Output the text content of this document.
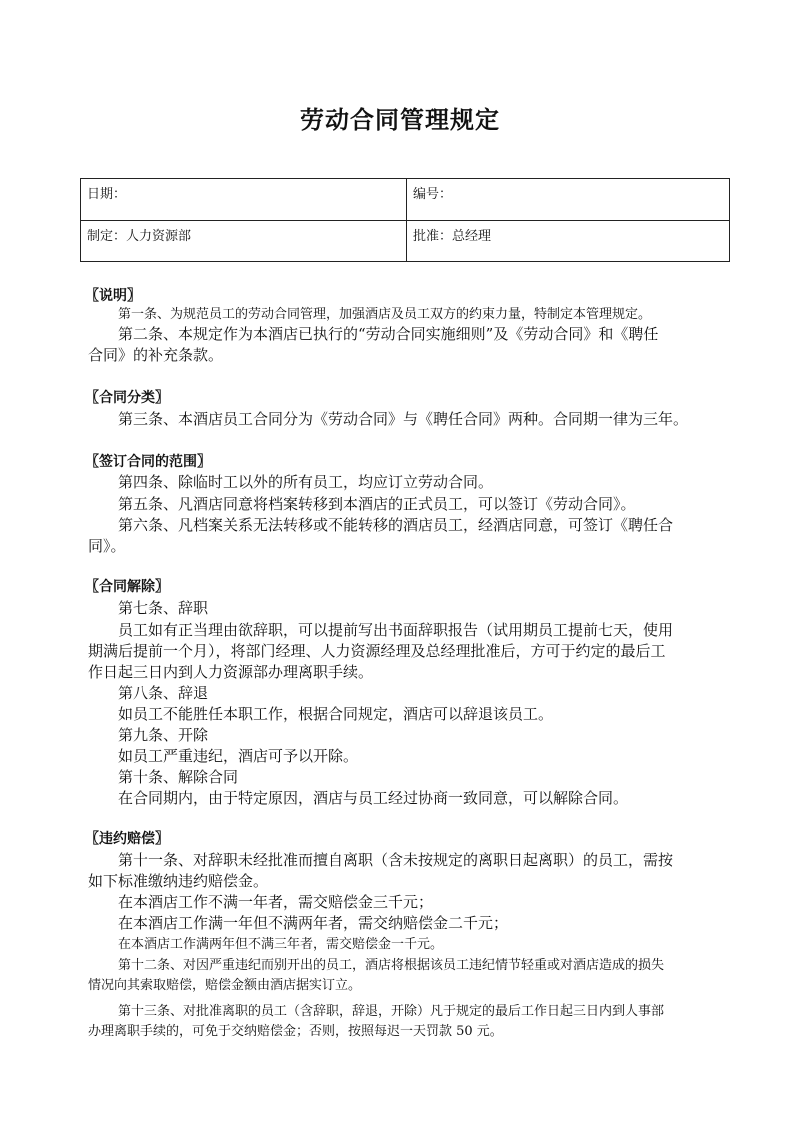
劳动合同管理规定
日期：	编号：
制定：人力资源部	批准：总经理
〖说明〗
第一条、为规范员工的劳动合同管理，加强酒店及员工双方的约束力量，特制定本管理规定。
第二条、本规定作为本酒店已执行的“劳动合同实施细则”及《劳动合同》和《聘任
合同》的补充条款。
〖合同分类〗
第三条、本酒店员工合同分为《劳动合同》与《聘任合同》两种。合同期一律为三年。
〖签订合同的范围〗
第四条、除临时工以外的所有员工，均应订立劳动合同。
第五条、凡酒店同意将档案转移到本酒店的正式员工，可以签订《劳动合同》。
第六条、凡档案关系无法转移或不能转移的酒店员工，经酒店同意，可签订《聘任合
同》。
〖合同解除〗
第七条、辞职
员工如有正当理由欲辞职，可以提前写出书面辞职报告（试用期员工提前七天，使用
期满后提前一个月），将部门经理、人力资源经理及总经理批准后，方可于约定的最后工
作日起三日内到人力资源部办理离职手续。
第八条、辞退
如员工不能胜任本职工作，根据合同规定，酒店可以辞退该员工。
第九条、开除
如员工严重违纪，酒店可予以开除。
第十条、解除合同
在合同期内，由于特定原因，酒店与员工经过协商一致同意，可以解除合同。
〖违约赔偿〗
第十一条、对辞职未经批准而擅自离职（含未按规定的离职日起离职）的员工，需按
如下标准缴纳违约赔偿金。
在本酒店工作不满一年者，需交赔偿金三千元；
在本酒店工作满一年但不满两年者，需交纳赔偿金二千元；
在本酒店工作满两年但不满三年者，需交赔偿金一千元。
第十二条、对因严重违纪而别开出的员工，酒店将根据该员工违纪情节轻重或对酒店造成的损失
情况向其索取赔偿，赔偿金额由酒店据实订立。
第十三条、对批准离职的员工（含辞职，辞退，开除）凡于规定的最后工作日起三日内到人事部
办理离职手续的，可免于交纳赔偿金；否则，按照每迟一天罚款 50 元。
